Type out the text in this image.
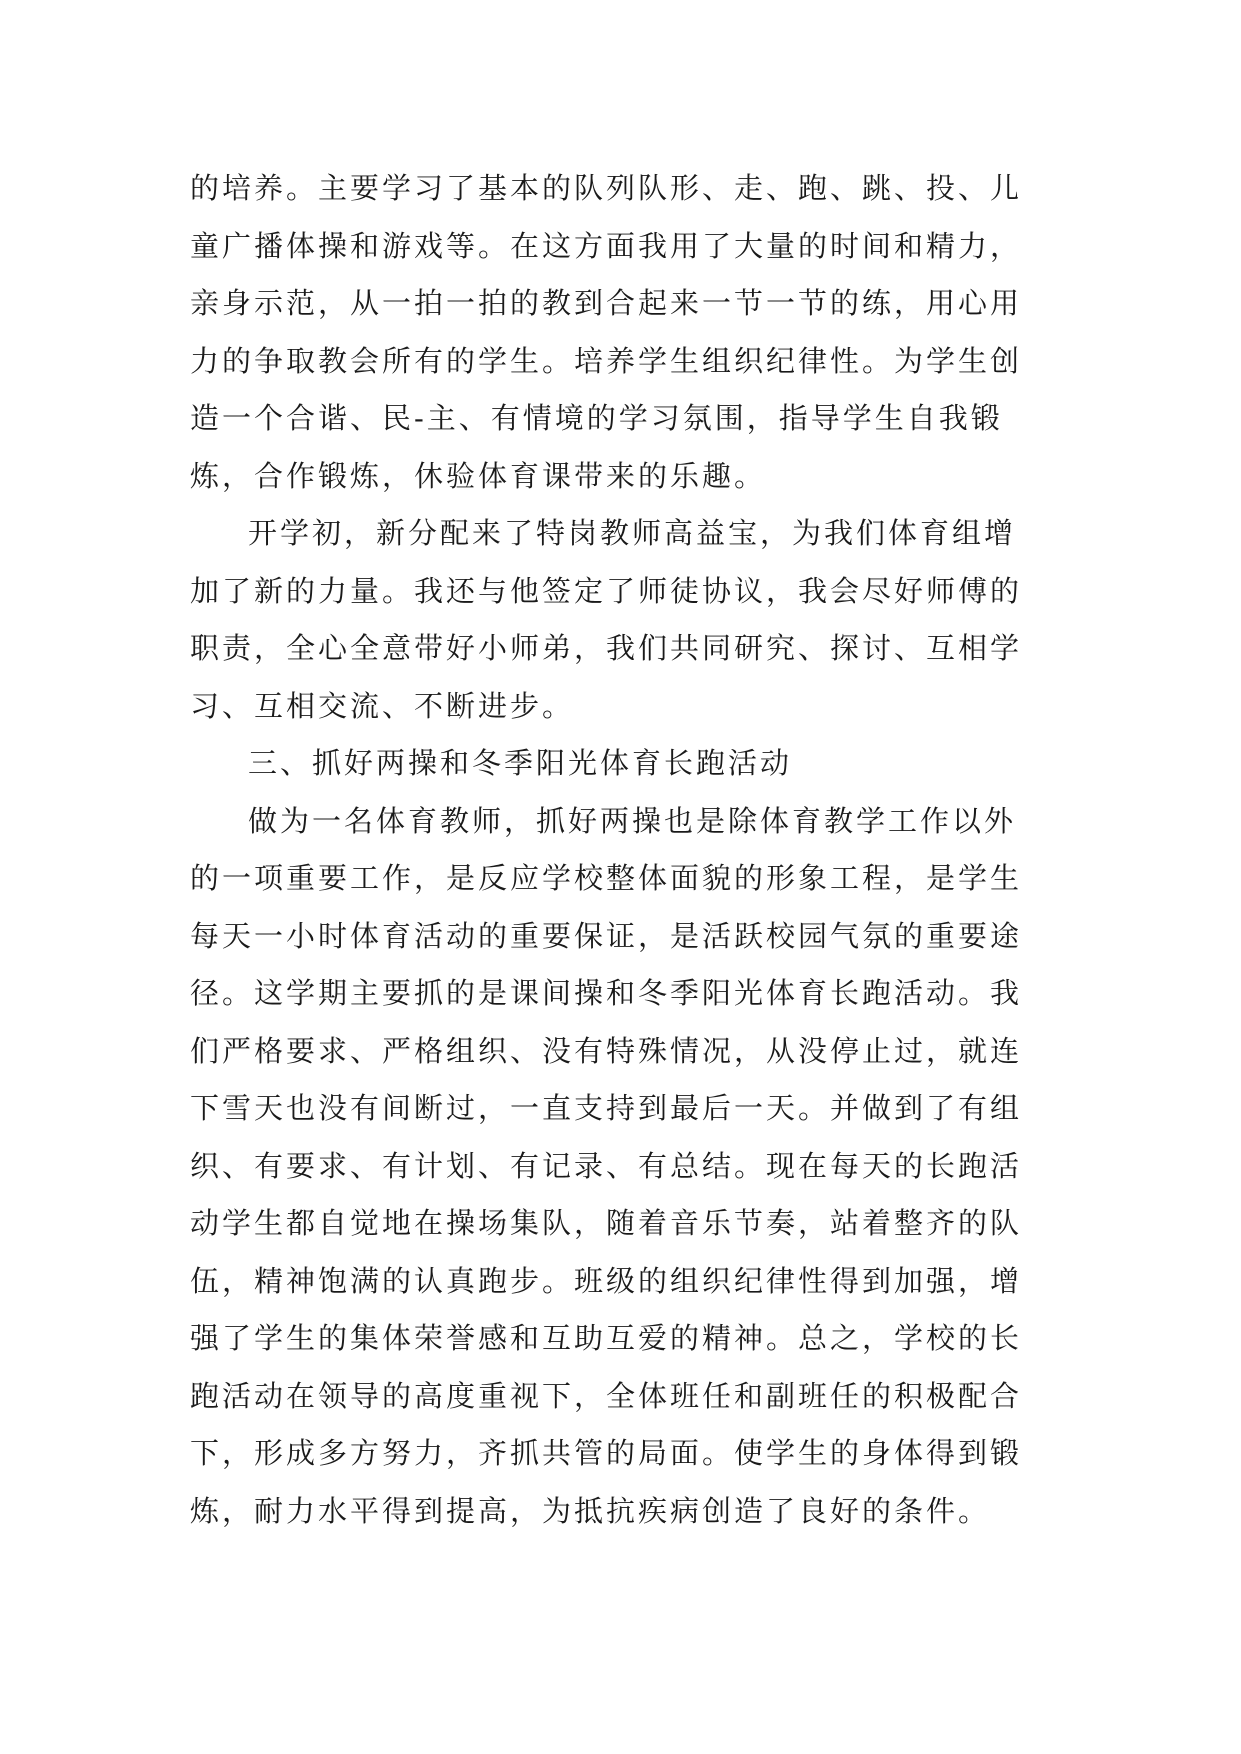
的培养。主要学习了基本的队列队形、走、跑、跳、投、儿
童广播体操和游戏等。在这方面我用了大量的时间和精力，
亲身示范，从一拍一拍的教到合起来一节一节的练，用心用
力的争取教会所有的学生。培养学生组织纪律性。为学生创
造一个合谐、民-主、有情境的学习氛围，指导学生自我锻
炼，合作锻炼，休验体育课带来的乐趣。
开学初，新分配来了特岗教师高益宝，为我们体育组增
加了新的力量。我还与他签定了师徒协议，我会尽好师傅的
职责，全心全意带好小师弟，我们共同研究、探讨、互相学
习、互相交流、不断进步。
三、抓好两操和冬季阳光体育长跑活动
做为一名体育教师，抓好两操也是除体育教学工作以外
的一项重要工作，是反应学校整体面貌的形象工程，是学生
每天一小时体育活动的重要保证，是活跃校园气氛的重要途
径。这学期主要抓的是课间操和冬季阳光体育长跑活动。我
们严格要求、严格组织、没有特殊情况，从没停止过，就连
下雪天也没有间断过，一直支持到最后一天。并做到了有组
织、有要求、有计划、有记录、有总结。现在每天的长跑活
动学生都自觉地在操场集队，随着音乐节奏，站着整齐的队
伍，精神饱满的认真跑步。班级的组织纪律性得到加强，增
强了学生的集体荣誉感和互助互爱的精神。总之，学校的长
跑活动在领导的高度重视下，全体班任和副班任的积极配合
下，形成多方努力，齐抓共管的局面。使学生的身体得到锻
炼，耐力水平得到提高，为抵抗疾病创造了良好的条件。
